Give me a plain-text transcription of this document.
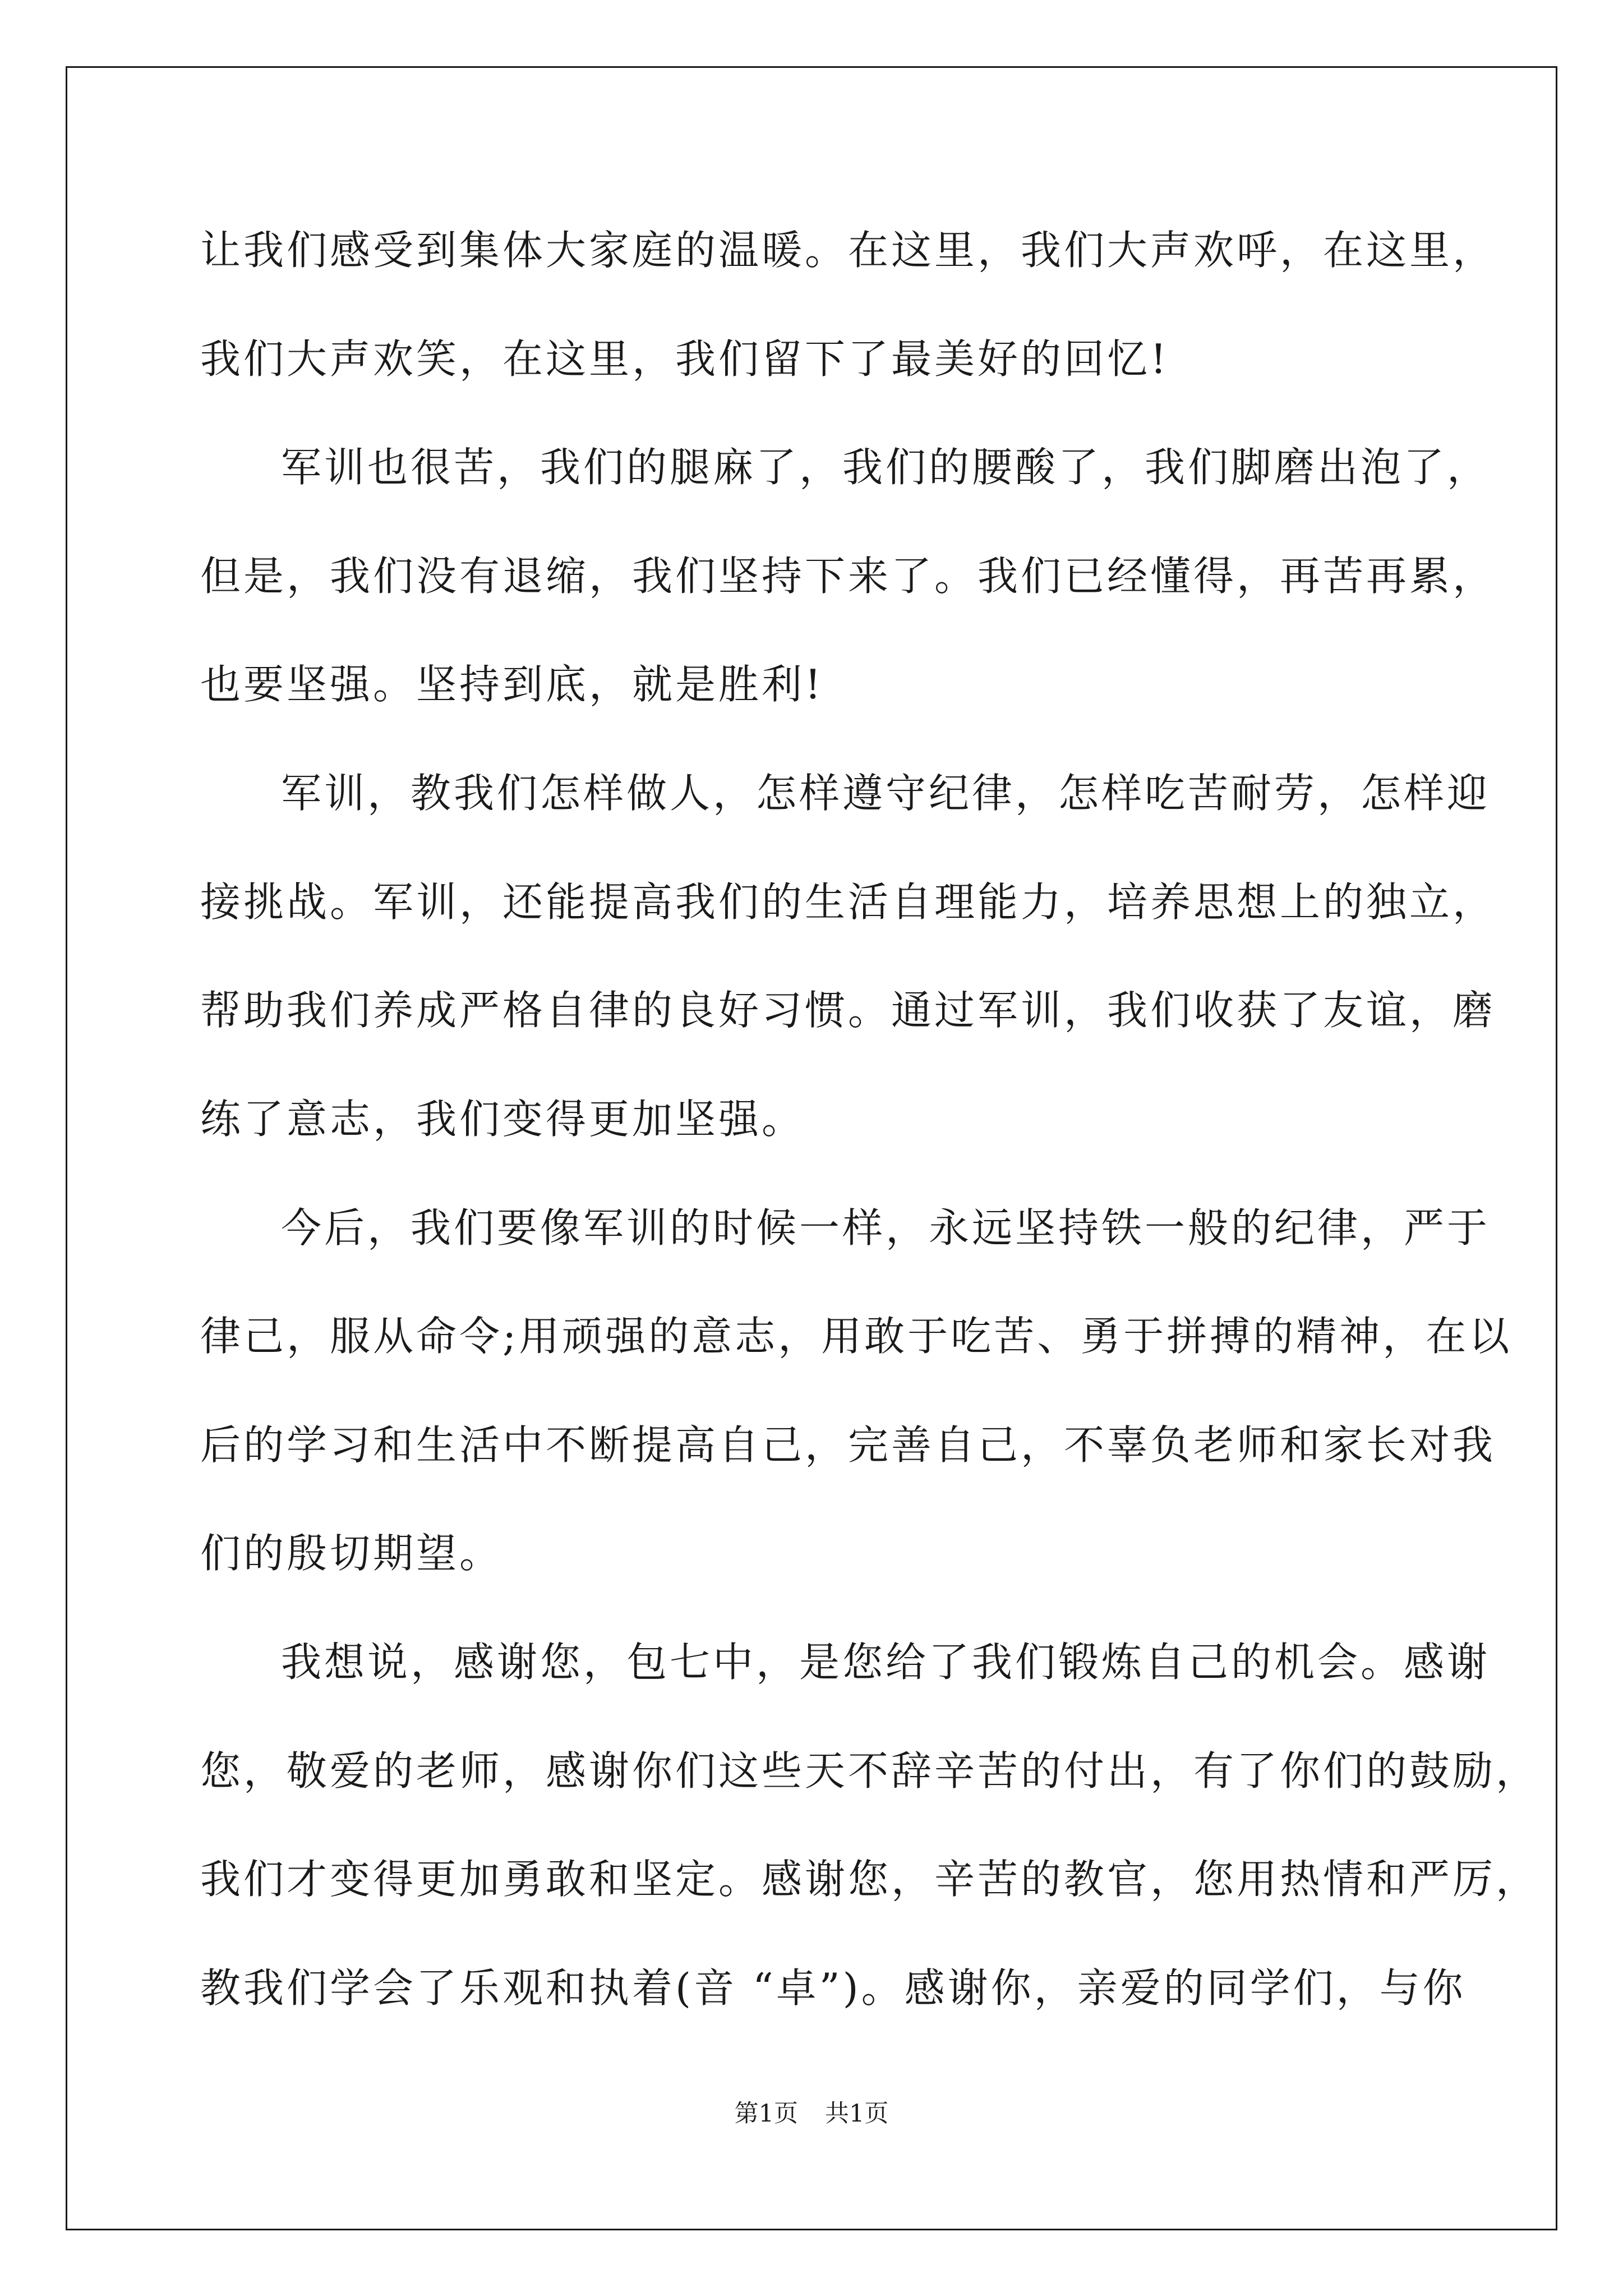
让我们感受到集体大家庭的温暖。在这里，我们大声欢呼，在这里，
我们大声欢笑，在这里，我们留下了最美好的回忆!
军训也很苦，我们的腿麻了，我们的腰酸了，我们脚磨出泡了，
但是，我们没有退缩，我们坚持下来了。我们已经懂得，再苦再累，
也要坚强。坚持到底，就是胜利!
军训，教我们怎样做人，怎样遵守纪律，怎样吃苦耐劳，怎样迎
接挑战。军训，还能提高我们的生活自理能力，培养思想上的独立，
帮助我们养成严格自律的良好习惯。通过军训，我们收获了友谊，磨
练了意志，我们变得更加坚强。
今后，我们要像军训的时候一样，永远坚持铁一般的纪律，严于
律己，服从命令;用顽强的意志，用敢于吃苦、勇于拼搏的精神，在以
后的学习和生活中不断提高自己，完善自己，不辜负老师和家长对我
们的殷切期望。
我想说，感谢您，包七中，是您给了我们锻炼自己的机会。感谢
您，敬爱的老师，感谢你们这些天不辞辛苦的付出，有了你们的鼓励，
我们才变得更加勇敢和坚定。感谢您，辛苦的教官，您用热情和严厉，
教我们学会了乐观和执着(音 “卓”)。感谢你，亲爱的同学们，与你
第1页 共1页
